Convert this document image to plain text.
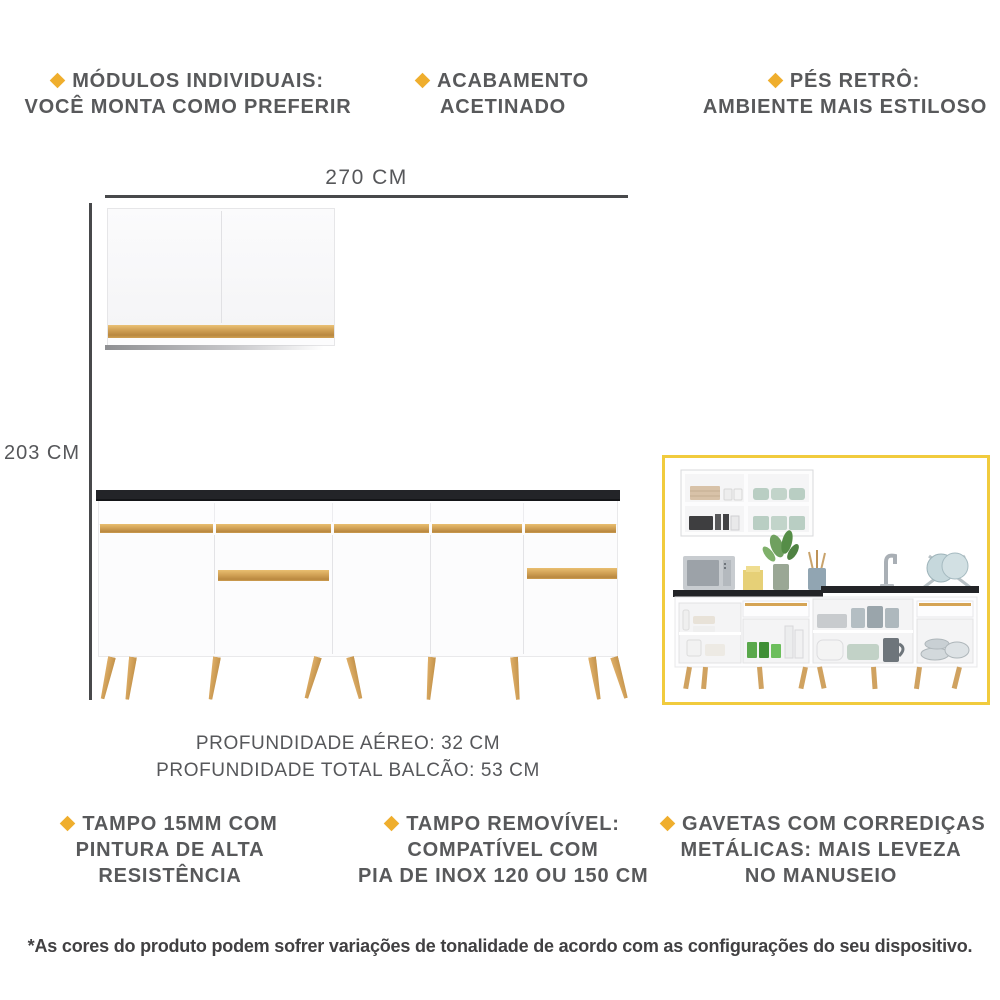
MÓDULOS INDIVIDUAIS:
VOCÊ MONTA COMO PREFERIR
ACABAMENTO
ACETINADO
PÉS RETRÔ:
AMBIENTE MAIS ESTILOSO
270 CM
203 CM
PROFUNDIDADE AÉREO: 32 CM
PROFUNDIDADE TOTAL BALCÃO: 53 CM
TAMPO 15MM COM
PINTURA DE ALTA
RESISTÊNCIA
TAMPO REMOVÍVEL:
COMPATÍVEL COM
PIA DE INOX 120 OU 150 CM
GAVETAS COM CORREDIÇAS
METÁLICAS: MAIS LEVEZA
NO MANUSEIO
*As cores do produto podem sofrer variações de tonalidade de acordo com as configurações do seu dispositivo.
